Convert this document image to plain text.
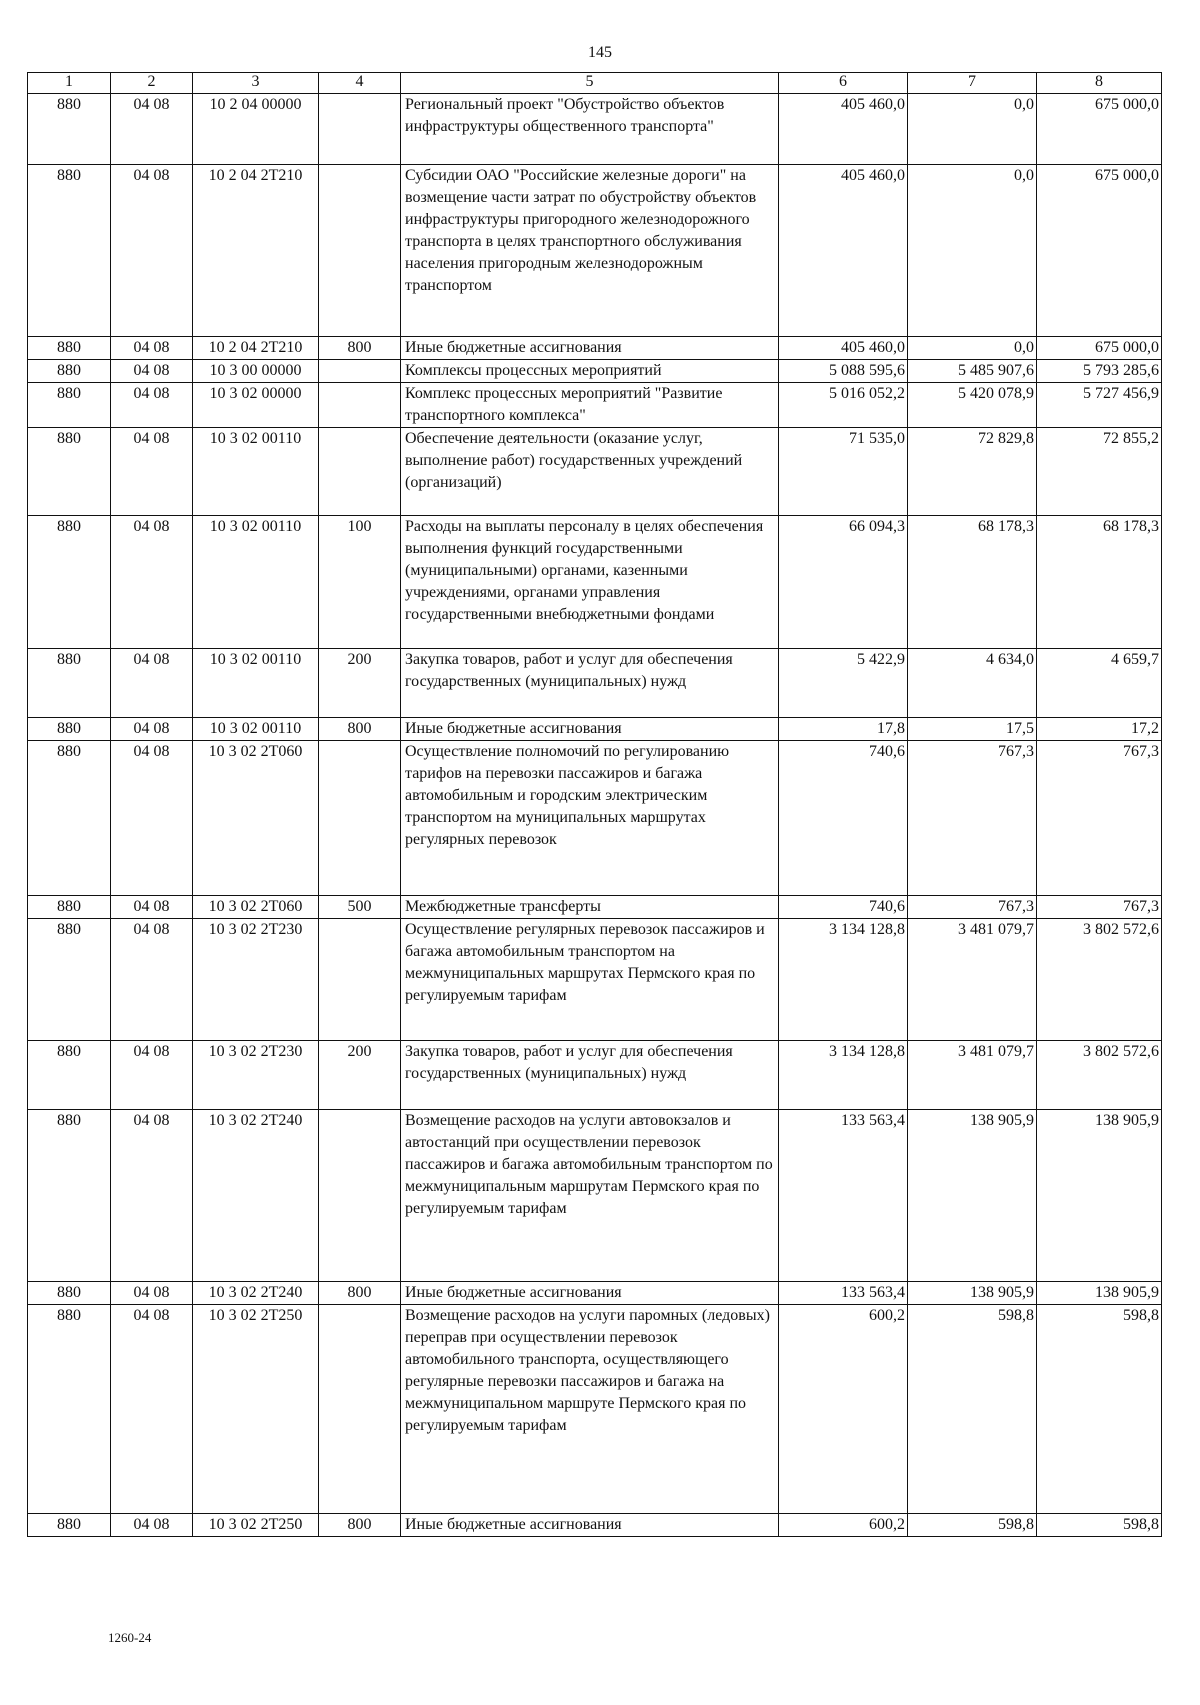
145
1	2	3	4	5	6	7	8
880	04 08	10 2 04 00000		Региональный проект "Обустройство объектов инфраструктуры общественного транспорта"	405 460,0	0,0	675 000,0
880	04 08	10 2 04 2Т210		Субсидии ОАО "Российские железные дороги" на возмещение части затрат по обустройству объектов инфраструктуры пригородного железнодорожного транспорта в целях транспортного обслуживания населения пригородным железнодорожным транспортом	405 460,0	0,0	675 000,0
880	04 08	10 2 04 2Т210	800	Иные бюджетные ассигнования	405 460,0	0,0	675 000,0
880	04 08	10 3 00 00000		Комплексы процессных мероприятий	5 088 595,6	5 485 907,6	5 793 285,6
880	04 08	10 3 02 00000		Комплекс процессных мероприятий "Развитие транспортного комплекса"	5 016 052,2	5 420 078,9	5 727 456,9
880	04 08	10 3 02 00110		Обеспечение деятельности (оказание услуг, выполнение работ) государственных учреждений (организаций)	71 535,0	72 829,8	72 855,2
880	04 08	10 3 02 00110	100	Расходы на выплаты персоналу в целях обеспечения выполнения функций государственными (муниципальными) органами, казенными учреждениями, органами управления государственными внебюджетными фондами	66 094,3	68 178,3	68 178,3
880	04 08	10 3 02 00110	200	Закупка товаров, работ и услуг для обеспечения государственных (муниципальных) нужд	5 422,9	4 634,0	4 659,7
880	04 08	10 3 02 00110	800	Иные бюджетные ассигнования	17,8	17,5	17,2
880	04 08	10 3 02 2Т060		Осуществление полномочий по регулированию тарифов на перевозки пассажиров и багажа автомобильным и городским электрическим транспортом на муниципальных маршрутах регулярных перевозок	740,6	767,3	767,3
880	04 08	10 3 02 2Т060	500	Межбюджетные трансферты	740,6	767,3	767,3
880	04 08	10 3 02 2Т230		Осуществление регулярных перевозок пассажиров и багажа автомобильным транспортом на межмуниципальных маршрутах Пермского края по регулируемым тарифам	3 134 128,8	3 481 079,7	3 802 572,6
880	04 08	10 3 02 2Т230	200	Закупка товаров, работ и услуг для обеспечения государственных (муниципальных) нужд	3 134 128,8	3 481 079,7	3 802 572,6
880	04 08	10 3 02 2Т240		Возмещение расходов на услуги автовокзалов и автостанций при осуществлении перевозок пассажиров и багажа автомобильным транспортом по межмуниципальным маршрутам Пермского края по регулируемым тарифам	133 563,4	138 905,9	138 905,9
880	04 08	10 3 02 2Т240	800	Иные бюджетные ассигнования	133 563,4	138 905,9	138 905,9
880	04 08	10 3 02 2Т250		Возмещение расходов на услуги паромных (ледовых) переправ при осуществлении перевозок автомобильного транспорта, осуществляющего регулярные перевозки пассажиров и багажа на межмуниципальном маршруте Пермского края по регулируемым тарифам	600,2	598,8	598,8
880	04 08	10 3 02 2Т250	800	Иные бюджетные ассигнования	600,2	598,8	598,8
1260-24
